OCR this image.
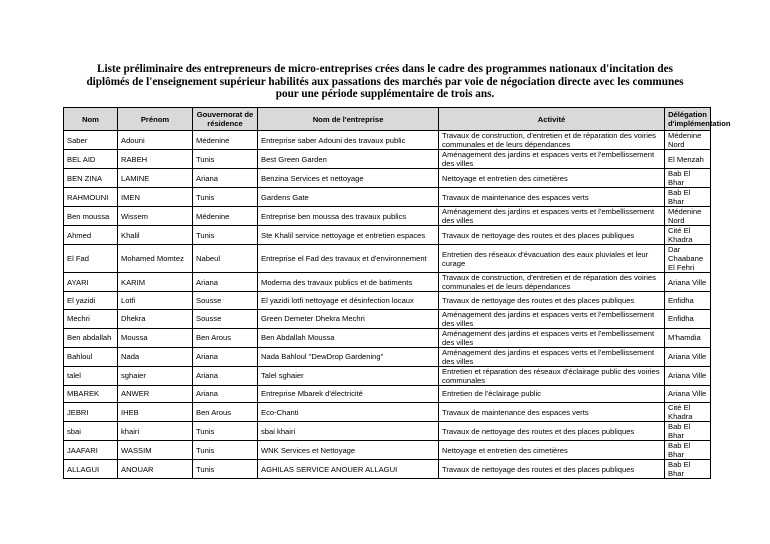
Liste préliminaire des entrepreneurs de micro-entreprises crées dans le cadre des programmes nationaux d'incitation des
diplômés de l'enseignement supérieur habilités aux passations des marchés par voie de négociation directe avec les communes
pour une période supplémentaire de trois ans.
Nom	Prénom	Gouvernorat de résidence	Nom de l'entreprise	Activité	Délégation d'implémentation
Saber	Adouni	Médenine	Entreprise saber Adouni des travaux public	Travaux de construction, d'entretien et de réparation des voiries communales et de leurs dépendances	Médenine Nord
BEL AID	RABEH	Tunis	Best Green Garden	Aménagement des jardins et espaces verts et l'embellissement des villes	El Menzah
BEN ZINA	LAMINE	Ariana	Benzina Services et nettoyage	Nettoyage et entretien des cimetières	Bab El Bhar
RAHMOUNI	IMEN	Tunis	Gardens Gate	Travaux de maintenance des espaces verts	Bab El Bhar
Ben moussa	Wissem	Médenine	Entreprise ben moussa des travaux publics	Aménagement des jardins et espaces verts et l'embellissement des villes	Médenine Nord
Ahmed	Khalil	Tunis	Ste Khalil service nettoyage et entretien espaces	Travaux de nettoyage des routes et des places publiques	Cité El Khadra
El Fad	Mohamed Momtez	Nabeul	Entreprise el Fad des travaux et d'environnement	Entretien des réseaux d'évacuation des eaux pluviales et leur curage	Dar Chaabane El Fehri
AYARI	KARIM	Ariana	Moderna des travaux publics et de batiments	Travaux de construction, d'entretien et de réparation des voiries communales et de leurs dépendances	Ariana Ville
El yazidi	Lotfi	Sousse	El yazidi lotfi nettoyage et désinfection locaux	Travaux de nettoyage des routes et des places publiques	Enfidha
Mechri	Dhekra	Sousse	Green Demeter Dhekra Mechri	Aménagement des jardins et espaces verts et l'embellissement des villes	Enfidha
Ben abdallah	Moussa	Ben Arous	Ben Abdallah Moussa	Aménagement des jardins et espaces verts et l'embellissement des villes	M'hamdia
Bahloul	Nada	Ariana	Nada Bahloul "DewDrop Gardening"	Aménagement des jardins et espaces verts et l'embellissement des villes	Ariana Ville
talel	sghaier	Ariana	Talel sghaier	Entretien et réparation des réseaux d'éclairage public des voiries communales	Ariana Ville
MBAREK	ANWER	Ariana	Entreprise Mbarek d'électricité	Entretien de l'éclairage public	Ariana Ville
JEBRI	IHEB	Ben Arous	Eco-Chanti	Travaux de maintenance des espaces verts	Cité El Khadra
sbai	khairi	Tunis	sbai khairi	Travaux de nettoyage des routes et des places publiques	Bab El Bhar
JAAFARI	WASSIM	Tunis	WNK Services et Nettoyage	Nettoyage et entretien des cimetières	Bab El Bhar
ALLAGUI	ANOUAR	Tunis	AGHILAS SERVICE ANOUER ALLAGUI	Travaux de nettoyage des routes et des places publiques	Bab El Bhar
